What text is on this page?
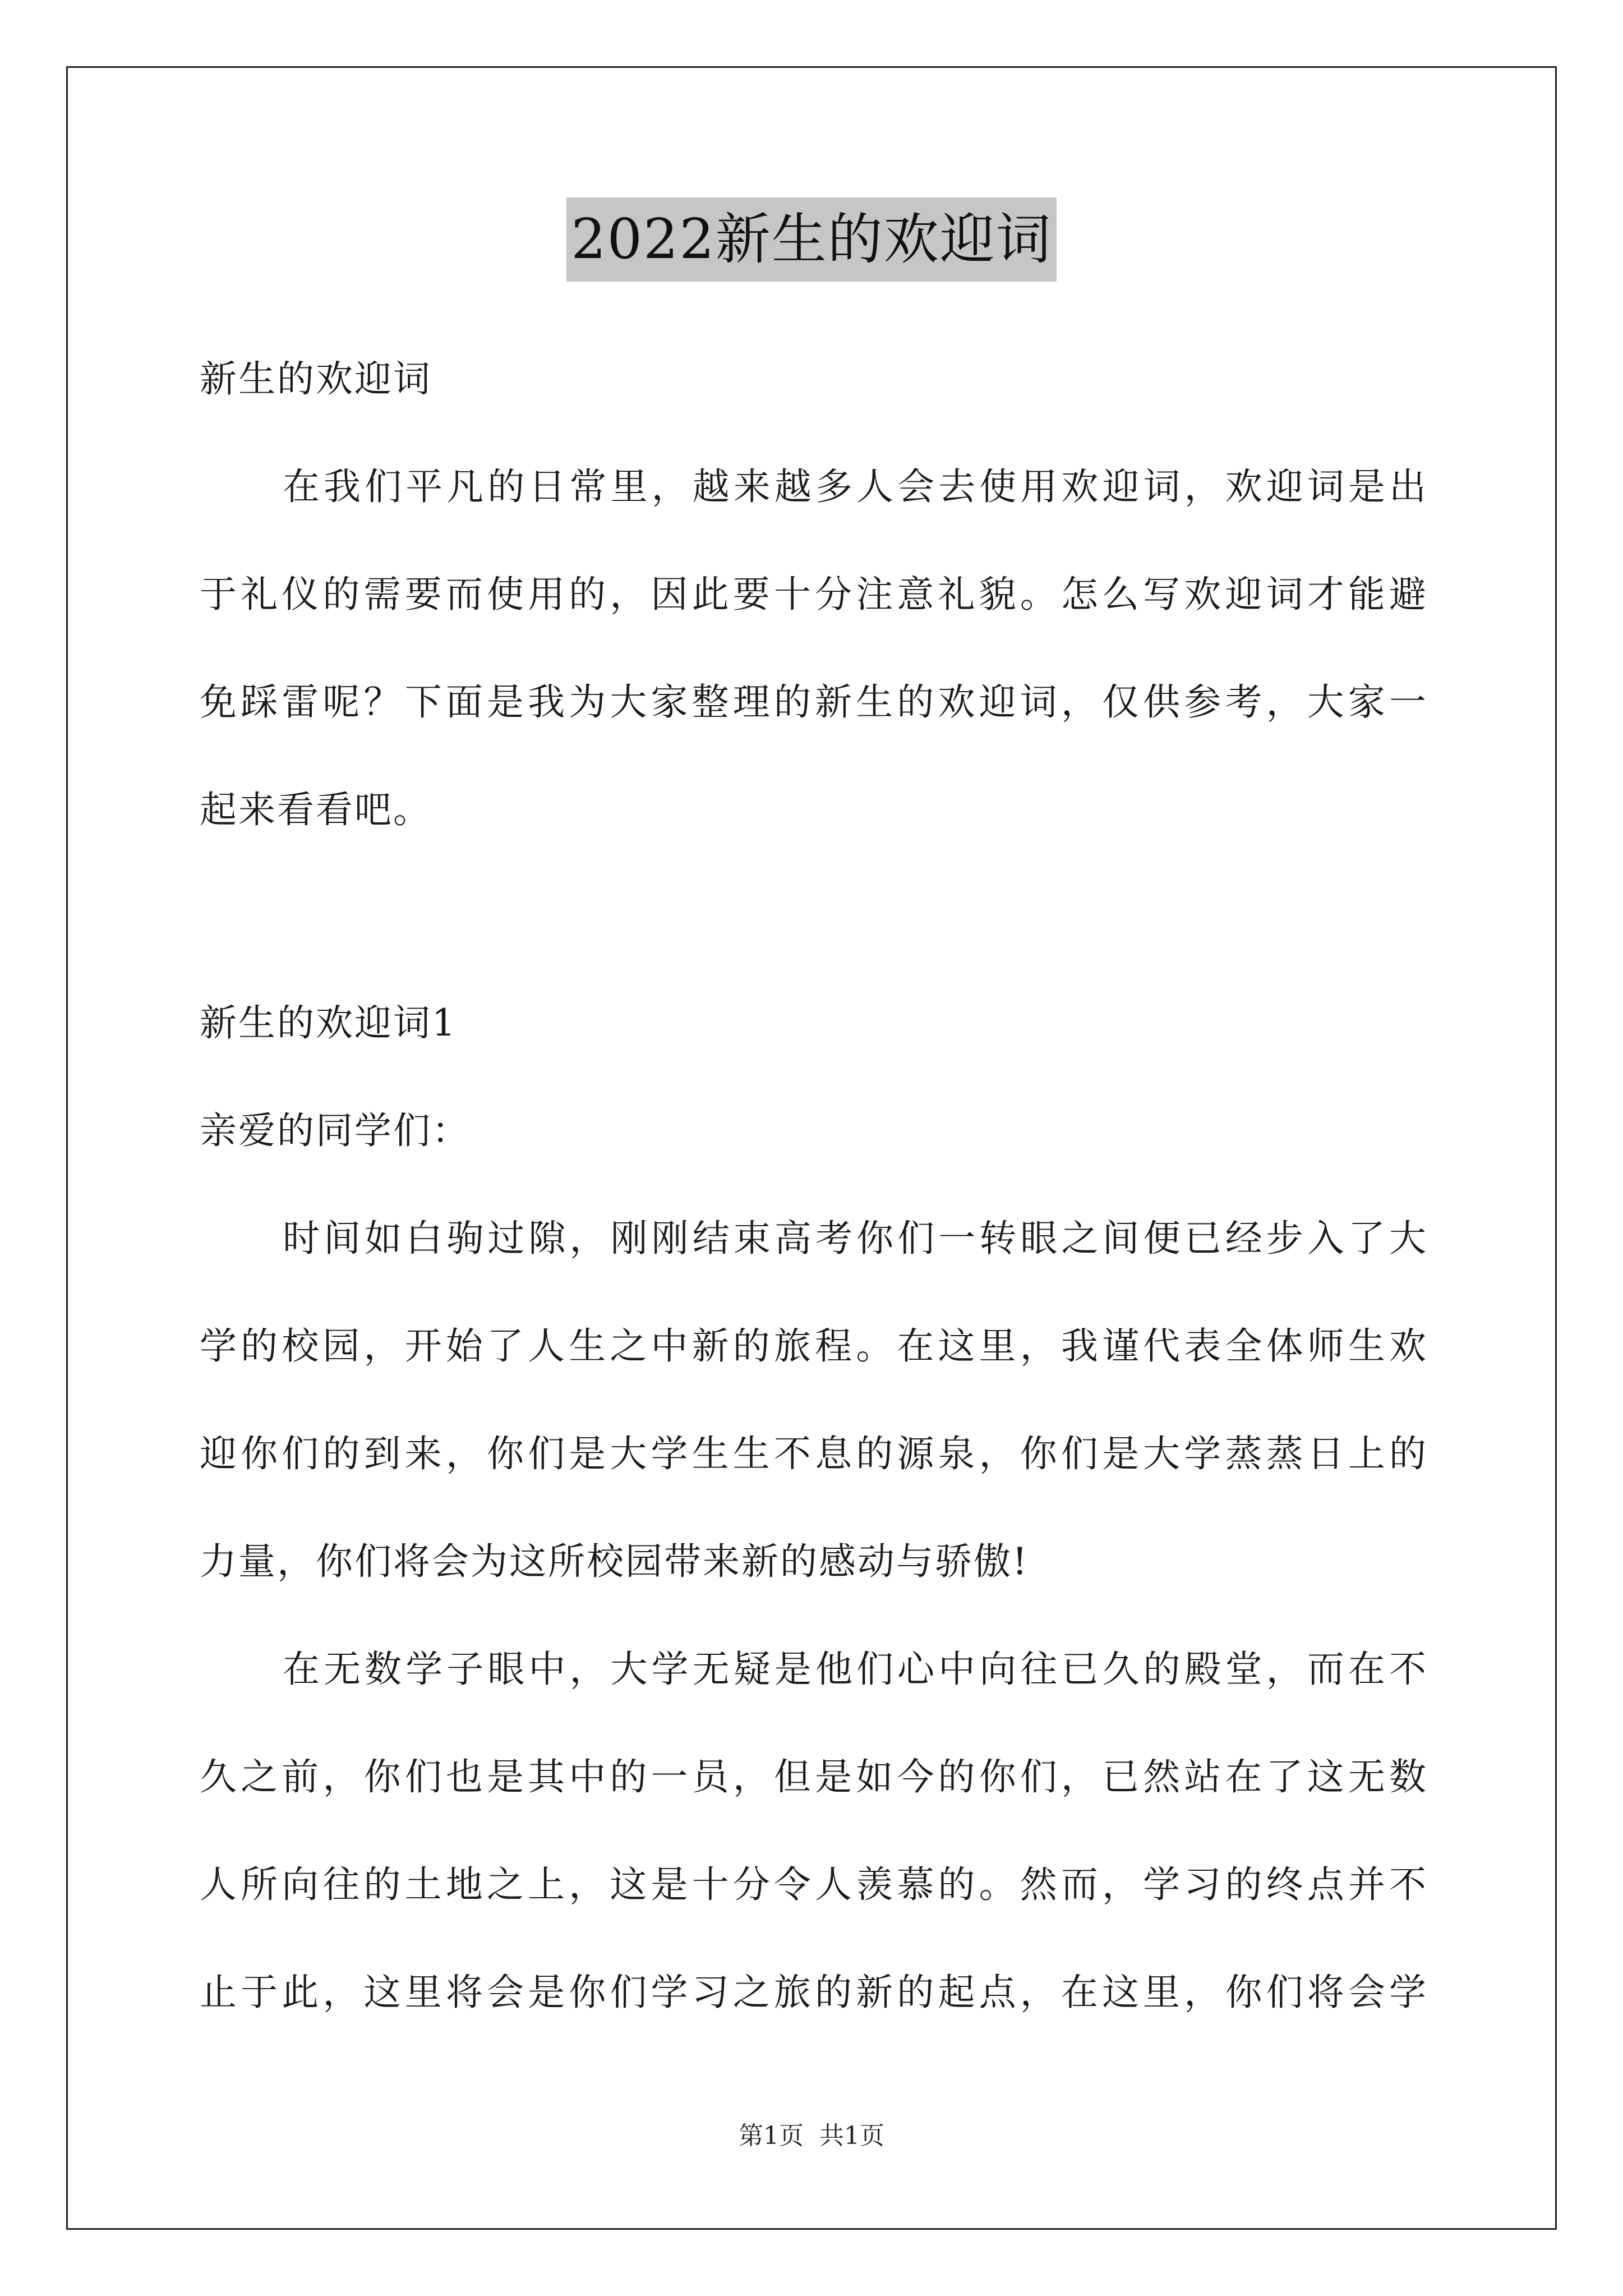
2022新生的欢迎词
新生的欢迎词
在我们平凡的日常里，越来越多人会去使用欢迎词，欢迎词是出
于礼仪的需要而使用的，因此要十分注意礼貌。怎么写欢迎词才能避
免踩雷呢？下面是我为大家整理的新生的欢迎词，仅供参考，大家一
起来看看吧。
新生的欢迎词1
亲爱的同学们：
时间如白驹过隙，刚刚结束高考你们一转眼之间便已经步入了大
学的校园，开始了人生之中新的旅程。在这里，我谨代表全体师生欢
迎你们的到来，你们是大学生生不息的源泉，你们是大学蒸蒸日上的
力量，你们将会为这所校园带来新的感动与骄傲!
在无数学子眼中，大学无疑是他们心中向往已久的殿堂，而在不
久之前，你们也是其中的一员，但是如今的你们，已然站在了这无数
人所向往的土地之上，这是十分令人羡慕的。然而，学习的终点并不
止于此，这里将会是你们学习之旅的新的起点，在这里，你们将会学
第1页 共1页
